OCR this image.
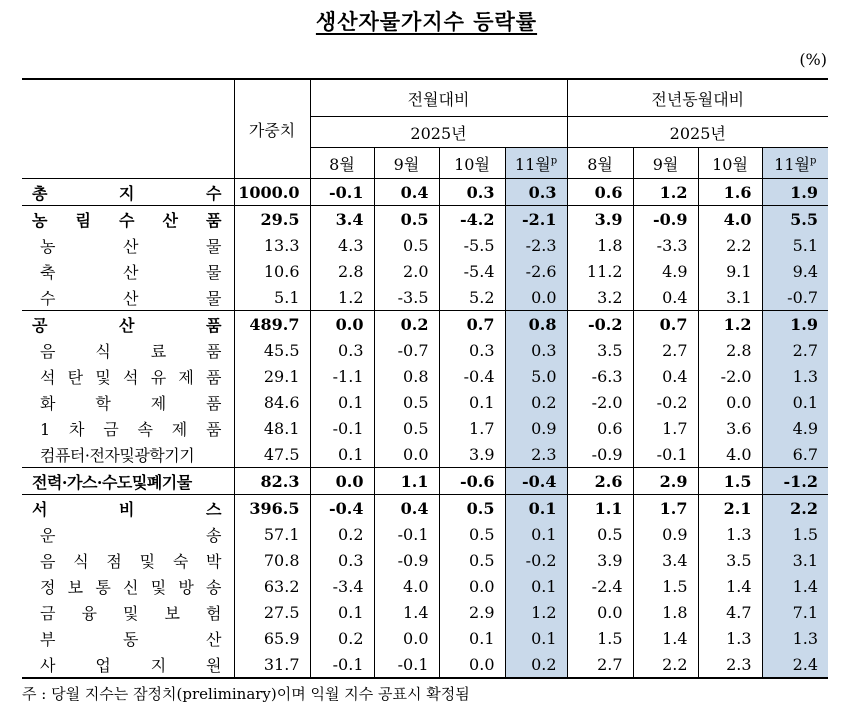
생산자물가지수 등락률
(%)
	가중치	전월대비				전년동월대비			
		2025년				2025년			
		8월	9월	10월	11월$^p$	8월	9월	10월	11월$^p$
총 지 수	1000.0	-0.1	0.4	0.3	0.3	0.6	1.2	1.6	1.9
농 림 수 산 품	29.5	3.4	0.5	-4.2	-2.1	3.9	-0.9	4.0	5.5
농 산 물	13.3	4.3	0.5	-5.5	-2.3	1.8	-3.3	2.2	5.1
축 산 물	10.6	2.8	2.0	-5.4	-2.6	11.2	4.9	9.1	9.4
수 산 물	5.1	1.2	-3.5	5.2	0.0	3.2	0.4	3.1	-0.7
공 산 품	489.7	0.0	0.2	0.7	0.8	-0.2	0.7	1.2	1.9
음 식 료 품	45.5	0.3	-0.7	0.3	0.3	3.5	2.7	2.8	2.7
석 탄 및 석 유 제 품	29.1	-1.1	0.8	-0.4	5.0	-6.3	0.4	-2.0	1.3
화 학 제 품	84.6	0.1	0.5	0.1	0.2	-2.0	-0.2	0.0	0.1
1 차 금 속 제 품	48.1	-0.1	0.5	1.7	0.9	0.6	1.7	3.6	4.9
컴퓨터·전자및광학기기	47.5	0.1	0.0	3.9	2.3	-0.9	-0.1	4.0	6.7
전력·가스·수도및폐기물	82.3	0.0	1.1	-0.6	-0.4	2.6	2.9	1.5	-1.2
서 비 스	396.5	-0.4	0.4	0.5	0.1	1.1	1.7	2.1	2.2
운 송	57.1	0.2	-0.1	0.5	0.1	0.5	0.9	1.3	1.5
음 식 점 및 숙 박	70.8	0.3	-0.9	0.5	-0.2	3.9	3.4	3.5	3.1
정 보 통 신 및 방 송	63.2	-3.4	4.0	0.0	0.1	-2.4	1.5	1.4	1.4
금 융 및 보 험	27.5	0.1	1.4	2.9	1.2	0.0	1.8	4.7	7.1
부 동 산	65.9	0.2	0.0	0.1	0.1	1.5	1.4	1.3	1.3
사 업 지 원	31.7	-0.1	-0.1	0.0	0.2	2.7	2.2	2.3	2.4
주 : 당월 지수는 잠정치(preliminary)이며 익월 지수 공표시 확정됨
